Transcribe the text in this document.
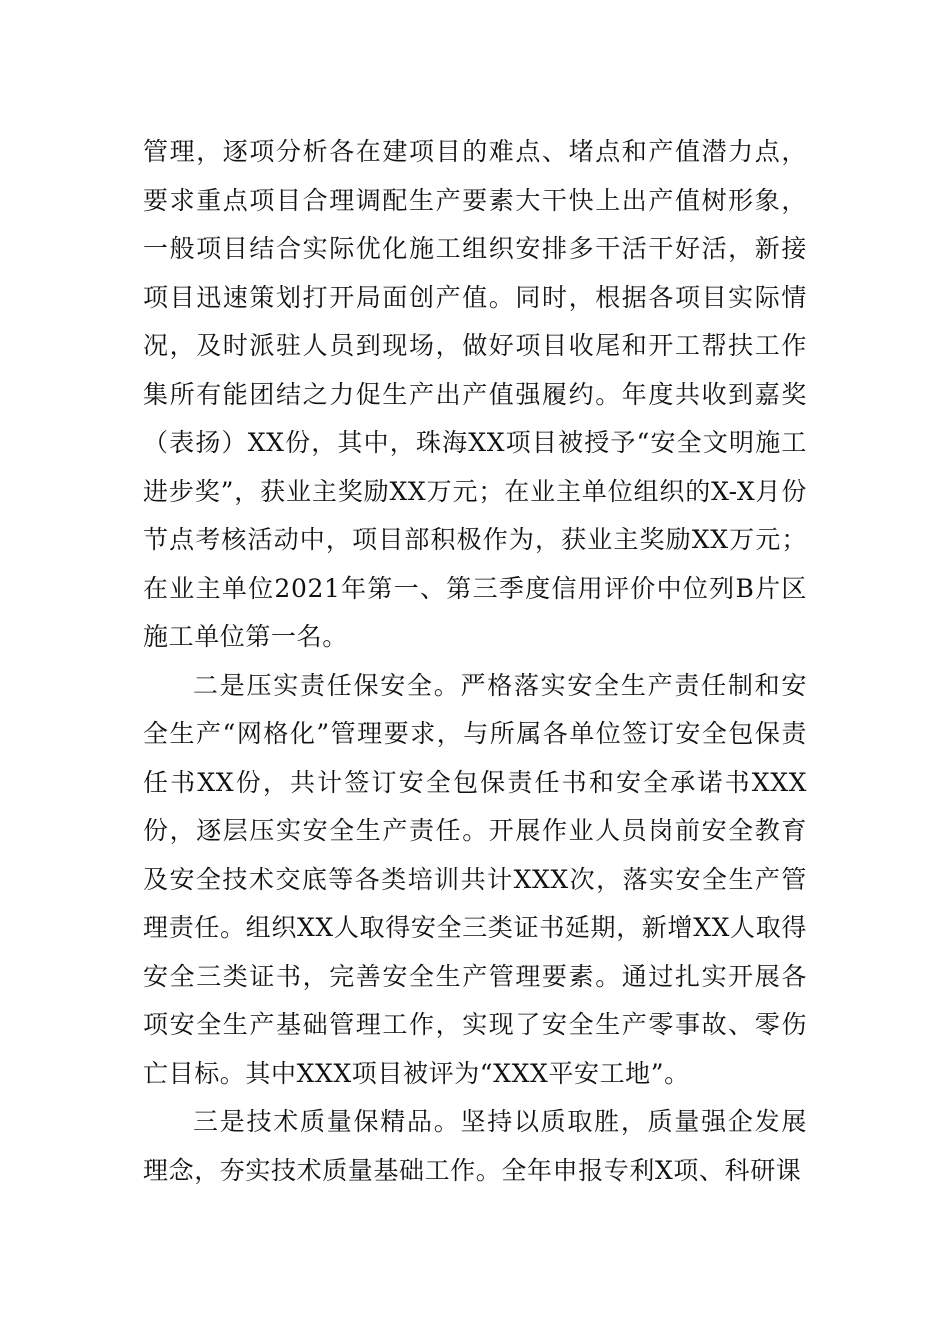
管理，逐项分析各在建项目的难点、堵点和产值潜力点，要求重点项目合理调配生产要素大干快上出产值树形象，一般项目结合实际优化施工组织安排多干活干好活，新接项目迅速策划打开局面创产值。同时，根据各项目实际情况，及时派驻人员到现场，做好项目收尾和开工帮扶工作集所有能团结之力促生产出产值强履约。年度共收到嘉奖（表扬）XX份，其中，珠海XX项目被授予“安全文明施工进步奖”，获业主奖励XX万元；在业主单位组织的X-X月份节点考核活动中，项目部积极作为，获业主奖励XX万元；在业主单位2021年第一、第三季度信用评价中位列B片区施工单位第一名。

二是压实责任保安全。严格落实安全生产责任制和安全生产“网格化”管理要求，与所属各单位签订安全包保责任书XX份，共计签订安全包保责任书和安全承诺书XXX份，逐层压实安全生产责任。开展作业人员岗前安全教育及安全技术交底等各类培训共计XXX次，落实安全生产管理责任。组织XX人取得安全三类证书延期，新增XX人取得安全三类证书，完善安全生产管理要素。通过扎实开展各项安全生产基础管理工作，实现了安全生产零事故、零伤亡目标。其中XXX项目被评为“XXX平安工地”。

三是技术质量保精品。坚持以质取胜，质量强企发展理念，夯实技术质量基础工作。全年申报专利X项、科研课
